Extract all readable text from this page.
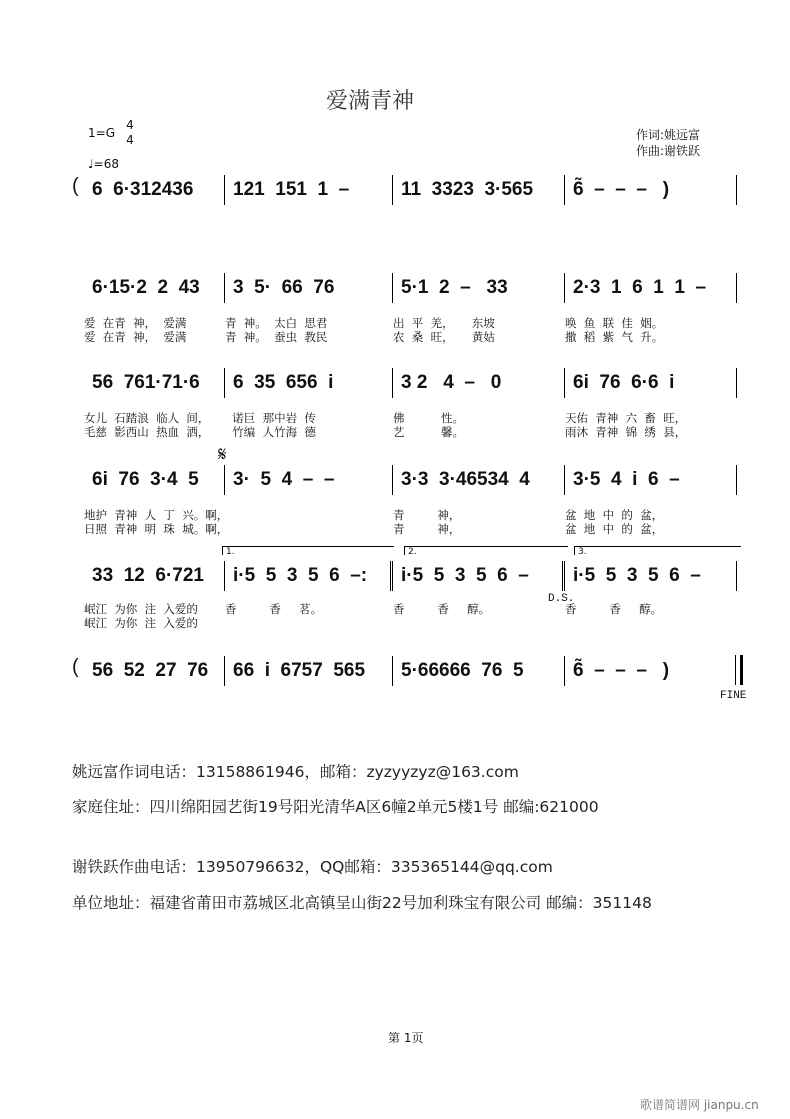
爱满青神
1=G
4
4
♩=68
作词:姚远富
作曲:谢铁跃
( 6  6·312436	121  151  1  –	11  3323  3·565	6̃  –  –  –   )
6·15·2  2  43	3  5·  66  76	5·1  2  –   33	2·3  1  6  1  1  –
爱  在青  神，  爱满	青  神。  太白  思君	出  平  羌，     东坡	唤  鱼  联  佳  姻。
爱  在青  神，  爱满	青  神。  蚕虫  教民	农  桑  旺，     黄姑	撒  稻  紫  气  升。
56  761·71·6	6  35  656  i	3 2   4  –   0	6i  76  6·6  i
女儿  石踏浪  临人  间，	诺巨  那中岩  传	佛          性。	天佑  青神  六  畜  旺，
毛慈  影西山  热血  洒，	竹编  人竹海  德	艺          馨。	雨沐  青神  锦  绣  县，
6i  76  3·4  5	3·  5  4  –  –	3·3  3·46534  4	3·5  4  i  6  –
地护  青神  人  丁  兴。啊，	青         神，	盆  地  中  的  盆，
日照  青神  明  珠  城。啊，	青         神，	盆  地  中  的  盆，
33  12  6·721	i·5  5  3  5  6  –:	i·5  5  3  5  6  –	i·5  5  3  5  6  –
岷江  为你  注  入爱的	香         香     茗。	香         香     醇。	香         香     醇。
岷江  为你  注  入爱的
( 56  52  27  76	66  i  6757  565	5·66666  76  5	6̃  –  –  –   )
𝄋
1.	2.	3.
D.S.
FINE
姚远富作词电话：13158861946，邮箱：zyzyyzyz@163.com
家庭住址：四川绵阳园艺街19号阳光清华A区6幢2单元5楼1号 邮编:621000
谢铁跃作曲电话：13950796632，QQ邮箱：335365144@qq.com
单位地址：福建省莆田市荔城区北高镇呈山街22号加利珠宝有限公司 邮编：351148
第 1页
歌谱简谱网 jianpu.cn
